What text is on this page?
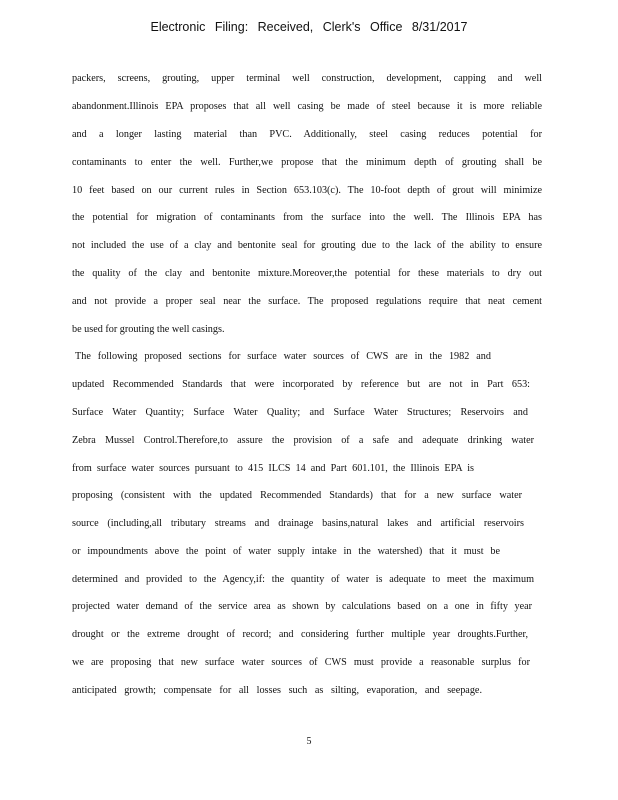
Electronic Filing: Received, Clerk's Office 8/31/2017
packers, screens, grouting, upper terminal well construction, development, capping and well
abandonment.Illinois EPA proposes that all well casing be made of steel because it is more reliable
and a longer lasting material than PVC. Additionally, steel casing reduces potential for
contaminants to enter the well. Further,we propose that the minimum depth of grouting shall be
10 feet based on our current rules in Section 653.103(c). The 10-foot depth of grout will minimize
the potential for migration of contaminants from the surface into the well. The Illinois EPA has
not included the use of a clay and bentonite seal for grouting due to the lack of the ability to ensure
the quality of the clay and bentonite mixture.Moreover,the potential for these materials to dry out
and not provide a proper seal near the surface. The proposed regulations require that neat cement
be used for grouting the well casings.
The following proposed sections for surface water sources of CWS are in the 1982 and
updated Recommended Standards that were incorporated by reference but are not in Part 653:
Surface Water Quantity; Surface Water Quality; and Surface Water Structures; Reservoirs and
Zebra Mussel Control.Therefore,to assure the provision of a safe and adequate drinking water
from surface water sources pursuant to 415 ILCS 14 and Part 601.101, the Illinois EPA is
proposing (consistent with the updated Recommended Standards) that for a new surface water
source (including,all tributary streams and drainage basins,natural lakes and artificial reservoirs
or impoundments above the point of water supply intake in the watershed) that it must be
determined and provided to the Agency,if: the quantity of water is adequate to meet the maximum
projected water demand of the service area as shown by calculations based on a one in fifty year
drought or the extreme drought of record; and considering further multiple year droughts.Further,
we are proposing that new surface water sources of CWS must provide a reasonable surplus for
anticipated growth; compensate for all losses such as silting, evaporation, and seepage.
5
